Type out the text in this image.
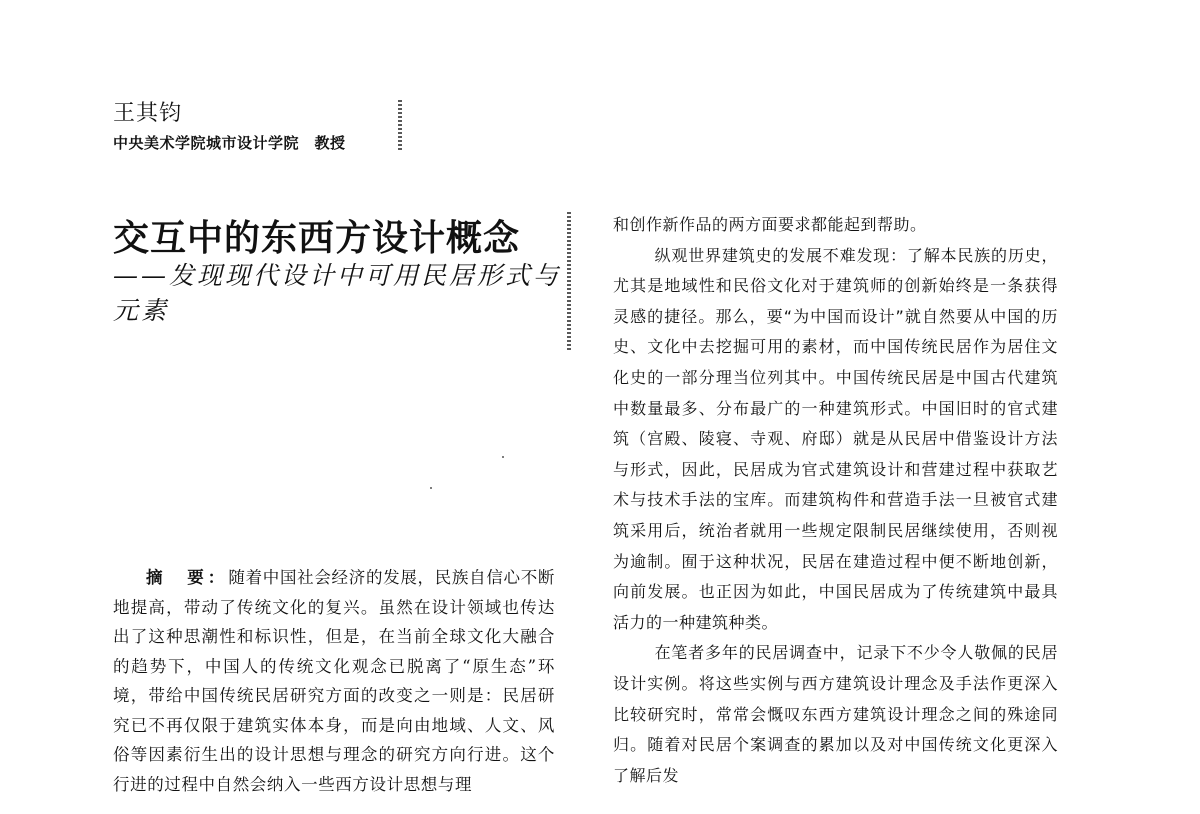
王其钧
中央美术学院城市设计学院　教授
交互中的东西方设计概念
——发现现代设计中可用民居形式与元素

摘　要：随着中国社会经济的发展，民族自信心不断地提高，带动了传统文化的复兴。虽然在设计领域也传达出了这种思潮性和标识性，但是，在当前全球文化大融合的趋势下，中国人的传统文化观念已脱离了“原生态”环境，带给中国传统民居研究方面的改变之一则是：民居研究已不再仅限于建筑实体本身，而是向由地域、人文、风俗等因素衍生出的设计思想与理念的研究方向行进。这个行进的过程中自然会纳入一些西方设计思想与理

和创作新作品的两方面要求都能起到帮助。

纵观世界建筑史的发展不难发现：了解本民族的历史，尤其是地域性和民俗文化对于建筑师的创新始终是一条获得灵感的捷径。那么，要“为中国而设计”就自然要从中国的历史、文化中去挖掘可用的素材，而中国传统民居作为居住文化史的一部分理当位列其中。中国传统民居是中国古代建筑中数量最多、分布最广的一种建筑形式。中国旧时的官式建筑（宫殿、陵寝、寺观、府邸）就是从民居中借鉴设计方法与形式，因此，民居成为官式建筑设计和营建过程中获取艺术与技术手法的宝库。而建筑构件和营造手法一旦被官式建筑采用后，统治者就用一些规定限制民居继续使用，否则视为逾制。囿于这种状况，民居在建造过程中便不断地创新，向前发展。也正因为如此，中国民居成为了传统建筑中最具活力的一种建筑种类。

在笔者多年的民居调查中，记录下不少令人敬佩的民居设计实例。将这些实例与西方建筑设计理念及手法作更深入比较研究时，常常会慨叹东西方建筑设计理念之间的殊途同归。随着对民居个案调查的累加以及对中国传统文化更深入了解后发
